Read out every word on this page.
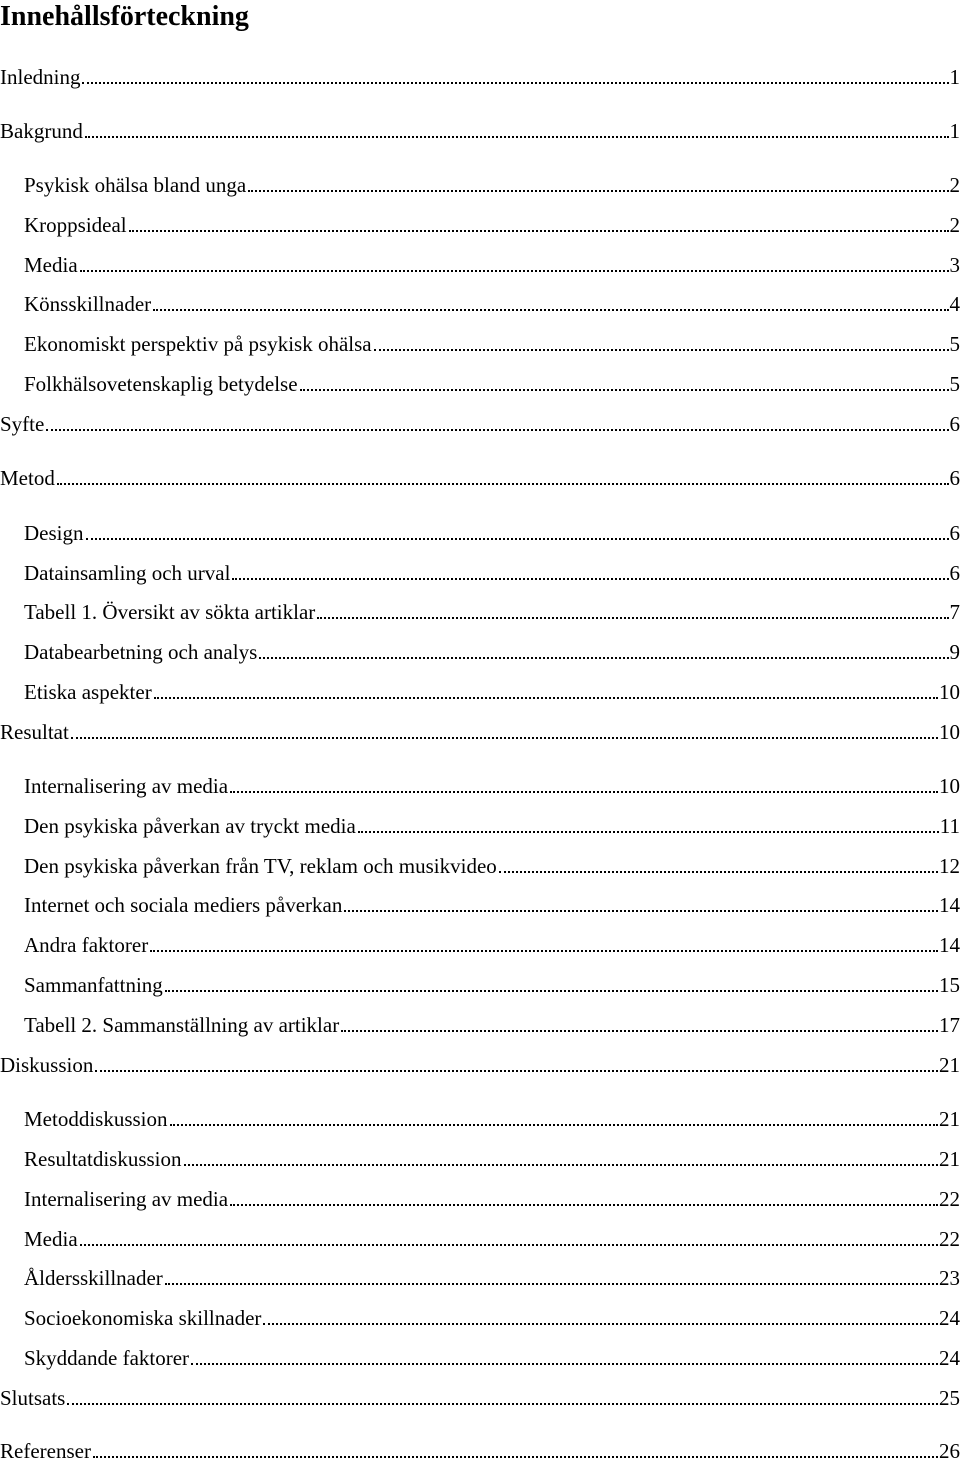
Innehållsförteckning
Inledning	1
Bakgrund	1
Psykisk ohälsa bland unga	2
Kroppsideal	2
Media	3
Könsskillnader	4
Ekonomiskt perspektiv på psykisk ohälsa	5
Folkhälsovetenskaplig betydelse	5
Syfte	6
Metod	6
Design	6
Datainsamling och urval	6
Tabell 1. Översikt av sökta artiklar	7
Databearbetning och analys	9
Etiska aspekter	10
Resultat	10
Internalisering av media	10
Den psykiska påverkan av tryckt media	11
Den psykiska påverkan från TV, reklam och musikvideo	12
Internet och sociala mediers påverkan	14
Andra faktorer	14
Sammanfattning	15
Tabell 2. Sammanställning av artiklar	17
Diskussion	21
Metoddiskussion	21
Resultatdiskussion	21
Internalisering av media	22
Media	22
Åldersskillnader	23
Socioekonomiska skillnader	24
Skyddande faktorer	24
Slutsats	25
Referenser	26
